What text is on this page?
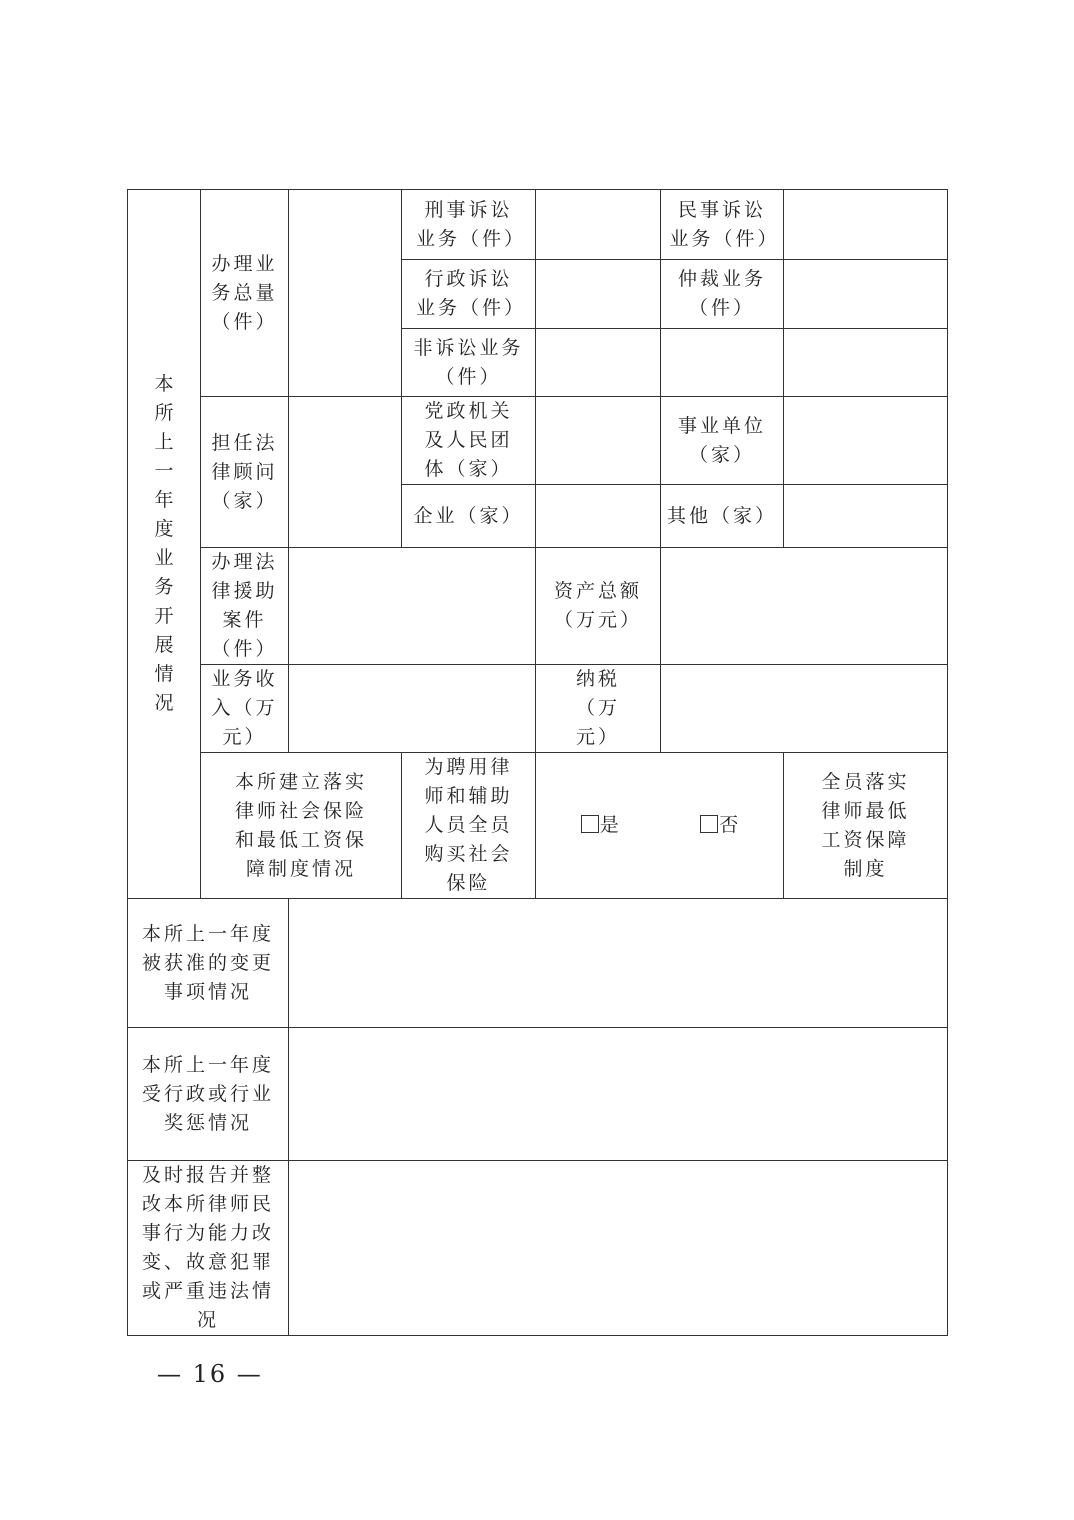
本所上一年度业务开展情况	办理业务总量（件）		刑事诉讼业务（件）		民事诉讼业务（件）		
			行政诉讼业务（件）		仲裁业务（件）		
			非诉讼业务（件）				
	担任法律顾问（家）		党政机关及人民团体（家）		事业单位（家）		
			企业（家）		其他（家）		
	办理法律援助案件（件）			资产总额（万元）			
	业务收入（万元）			纳税（万元）			
	本所建立落实律师社会保险和最低工资保障制度情况		为聘用律师和辅助人员全员购买社会保险	是 否		全员落实律师最低工资保障制度	

本所上一年度被获准的变更事项情况							
本所上一年度受行政或行业奖惩情况							
及时报告并整改本所律师民事行为能力改变、故意犯罪或严重违法情况							
— 16 —
